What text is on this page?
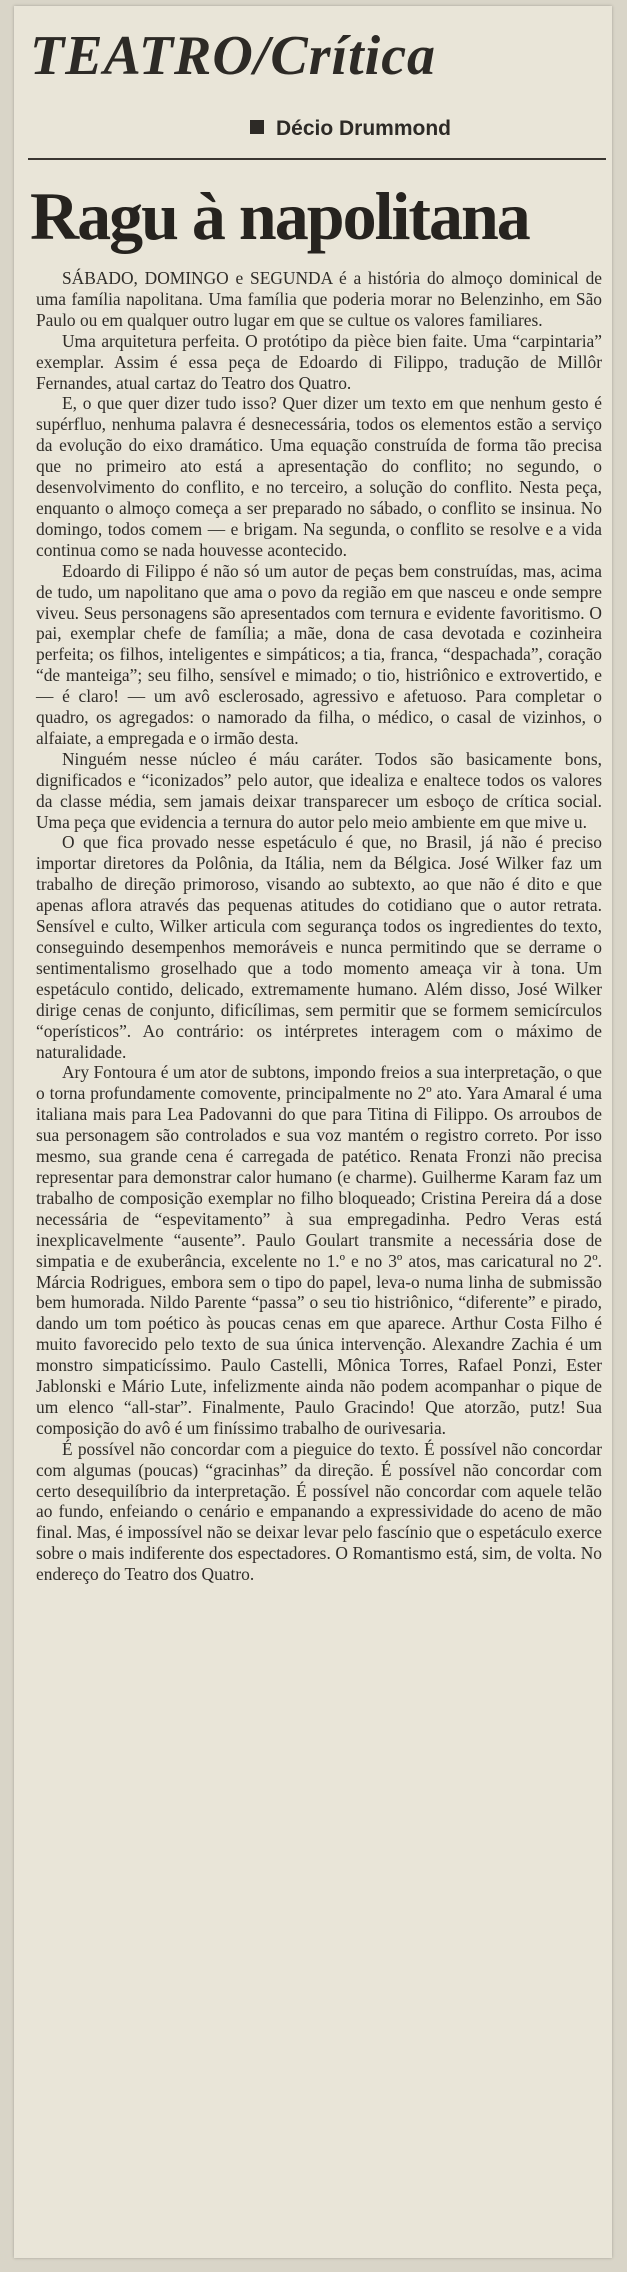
TEATRO/Crítica
Décio Drummond
Ragu à napolitana

SÁBADO, DOMINGO e SEGUNDA é a história do almoço dominical de uma família napolitana. Uma família que poderia morar no Belenzinho, em São Paulo ou em qualquer outro lugar em que se cultue os valores familiares.

Uma arquitetura perfeita. O protótipo da pièce bien faite. Uma “carpintaria” exemplar. Assim é essa peça de Edoardo di Filippo, tradução de Millôr Fernandes, atual cartaz do Teatro dos Quatro.

E, o que quer dizer tudo isso? Quer dizer um texto em que nenhum gesto é supérfluo, nenhuma palavra é desnecessária, todos os elementos estão a serviço da evolução do eixo dramático. Uma equação construída de forma tão precisa que no primeiro ato está a apresentação do conflito; no segundo, o desenvolvimento do conflito, e no terceiro, a solução do conflito. Nesta peça, enquanto o almoço começa a ser preparado no sábado, o conflito se insinua. No domingo, todos comem — e brigam. Na segunda, o conflito se resolve e a vida continua como se nada houvesse acontecido.

Edoardo di Filippo é não só um autor de peças bem construídas, mas, acima de tudo, um napolitano que ama o povo da região em que nasceu e onde sempre viveu. Seus personagens são apresentados com ternura e evidente favoritismo. O pai, exemplar chefe de família; a mãe, dona de casa devotada e cozinheira perfeita; os filhos, inteligentes e simpáticos; a tia, franca, “despachada”, coração “de manteiga”; seu filho, sensível e mimado; o tio, histriônico e extrovertido, e — é claro! — um avô esclerosado, agressivo e afetuoso. Para completar o quadro, os agregados: o namorado da filha, o médico, o casal de vizinhos, o alfaiate, a empregada e o irmão desta.

Ninguém nesse núcleo é máu caráter. Todos são basicamente bons, dignificados e “iconizados” pelo autor, que idealiza e enaltece todos os valores da classe média, sem jamais deixar transparecer um esboço de crítica social. Uma peça que evidencia a ternura do autor pelo meio ambiente em que mive u.

O que fica provado nesse espetáculo é que, no Brasil, já não é preciso importar diretores da Polônia, da Itália, nem da Bélgica. José Wilker faz um trabalho de direção primoroso, visando ao subtexto, ao que não é dito e que apenas aflora através das pequenas atitudes do cotidiano que o autor retrata. Sensível e culto, Wilker articula com segurança todos os ingredientes do texto, conseguindo desempenhos memoráveis e nunca permitindo que se derrame o sentimentalismo groselhado que a todo momento ameaça vir à tona. Um espetáculo contido, delicado, extremamente humano. Além disso, José Wilker dirige cenas de conjunto, dificílimas, sem permitir que se formem semicírculos “operísticos”. Ao contrário: os intérpretes interagem com o máximo de naturalidade.

Ary Fontoura é um ator de subtons, impondo freios a sua interpretação, o que o torna profundamente comovente, principalmente no 2º ato. Yara Amaral é uma italiana mais para Lea Padovanni do que para Titina di Filippo. Os arroubos de sua personagem são controlados e sua voz mantém o registro correto. Por isso mesmo, sua grande cena é carregada de patético. Renata Fronzi não precisa representar para demonstrar calor humano (e charme). Guilherme Karam faz um trabalho de composição exemplar no filho bloqueado; Cristina Pereira dá a dose necessária de “espevitamento” à sua empregadinha. Pedro Veras está inexplicavelmente “ausente”. Paulo Goulart transmite a necessária dose de simpatia e de exuberância, excelente no 1.º e no 3º atos, mas caricatural no 2º. Márcia Rodrigues, embora sem o tipo do papel, leva-o numa linha de submissão bem humorada. Nildo Parente “passa” o seu tio histriônico, “diferente” e pirado, dando um tom poético às poucas cenas em que aparece. Arthur Costa Filho é muito favorecido pelo texto de sua única intervenção. Alexandre Zachia é um monstro simpaticíssimo. Paulo Castelli, Mônica Torres, Rafael Ponzi, Ester Jablonski e Mário Lute, infelizmente ainda não podem acompanhar o pique de um elenco “all-star”. Finalmente, Paulo Gracindo! Que atorzão, putz! Sua composição do avô é um finíssimo trabalho de ourivesaria.

É possível não concordar com a pieguice do texto. É possível não concordar com algumas (poucas) “gracinhas” da direção. É possível não concordar com certo desequilíbrio da interpretação. É possível não concordar com aquele telão ao fundo, enfeiando o cenário e empanando a expressividade do aceno de mão final. Mas, é impossível não se deixar levar pelo fascínio que o espetáculo exerce sobre o mais indiferente dos espectadores. O Romantismo está, sim, de volta. No endereço do Teatro dos Quatro.
